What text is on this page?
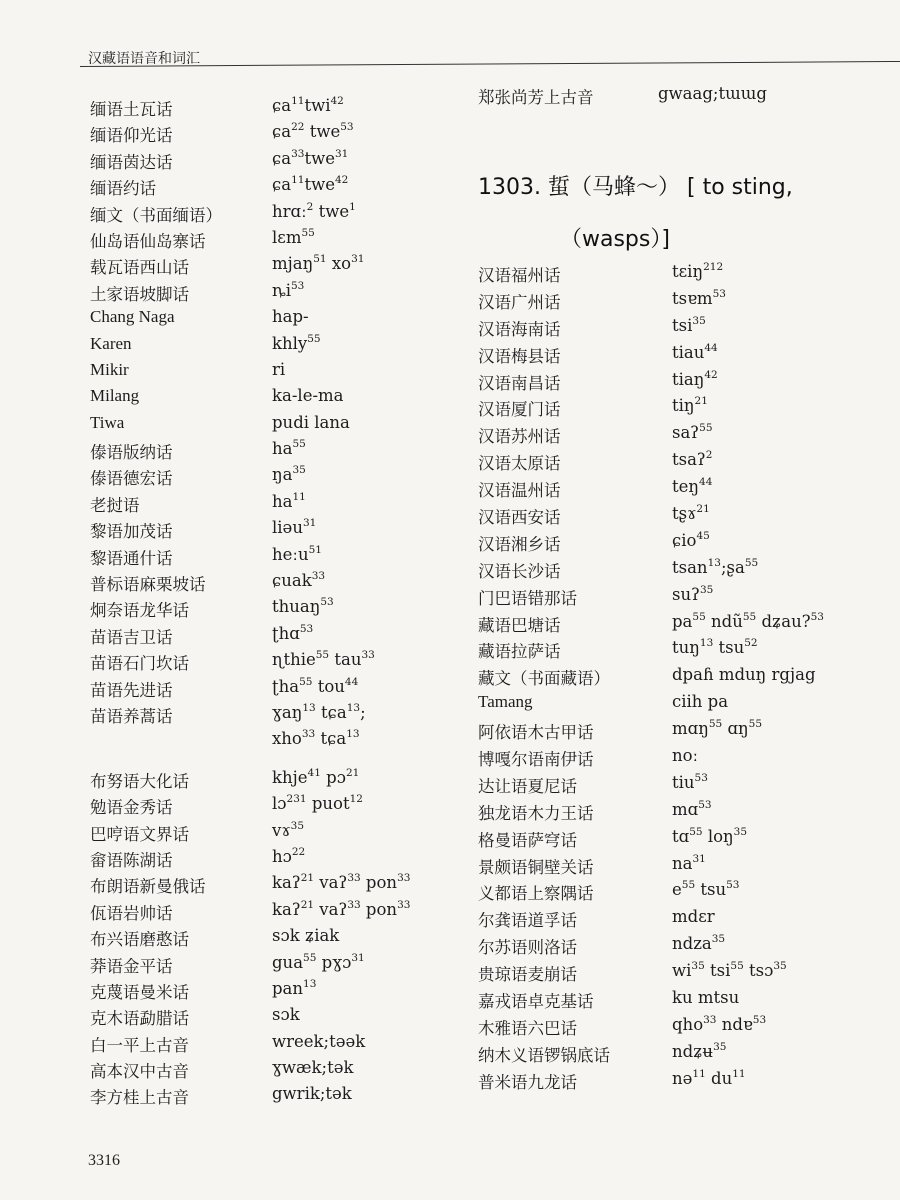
汉藏语语音和词汇
缅语土瓦话	ɕa$^{11}$twi$^{42}$
缅语仰光话	ɕa$^{22}$ twe$^{53}$
缅语茵达话	ɕa$^{33}$twe$^{31}$
缅语约话	ɕa$^{11}$twe$^{42}$
缅文（书面缅语）	hrɑː$^2$ twe$^1$
仙岛语仙岛寨话	lɛm$^{55}$
载瓦语西山话	mjaŋ$^{51}$ $xo^{31}$
土家语坡脚话	$ȵi^{53}$
Chang Naga	hap-
Karen	khly$^{55}$
Mikir	ri
Milang	ka-le-ma
Tiwa	pudi lana
傣语版纳话	$ha^{55}$
傣语德宏话	$ŋa^{35}$
老挝语	$ha^{11}$
黎语加茂话	liəu$^{31}$
黎语通什话	heːu$^{51}$
普标语麻栗坡话	ɕuak$^{33}$
炯奈语龙华话	thuaŋ$^{53}$
苗语吉卫话	ʈhɑ$^{53}$
苗语石门坎话	ɳthie$^{55}$ tau$^{33}$
苗语先进话	ʈha$^{55}$ tou$^{44}$
苗语养蒿话	ɣaŋ$^{13}$ tɕa$^{13}$;
xho$^{33}$ tɕa$^{13}$
布努语大化话	khje$^{41}$ pɔ$^{21}$
勉语金秀话	lɔ$^{231}$ puot$^{12}$
巴哼语文界话	vɤ$^{35}$
畲语陈湖话	hɔ$^{22}$
布朗语新曼俄话	kaʔ$^{21}$ vaʔ$^{33}$ pon$^{33}$
佤语岩帅话	kaʔ$^{21}$ vaʔ$^{33}$ pon$^{33}$
布兴语磨憨话	sɔk ʑiak
莽语金平话	gua$^{55}$ pɣɔ$^{31}$
克蔑语曼米话	pan$^{13}$
克木语勐腊话	sɔk
白一平上古音	wreek;təək
高本汉中古音	ɣwæk;tək
李方桂上古音	gwrik;tək
郑张尚芳上古音	gwaag;tɯɯg
1303. 蜇（马蜂～） [ to sting,
（wasps）]
汉语福州话	tɛiŋ$^{212}$
汉语广州话	tsɐm$^{53}$
汉语海南话	tsi$^{35}$
汉语梅县话	tiau$^{44}$
汉语南昌话	tiaŋ$^{42}$
汉语厦门话	tiŋ$^{21}$
汉语苏州话	saʔ$^{55}$
汉语太原话	tsaʔ$^2$
汉语温州话	teŋ$^{44}$
汉语西安话	tʂɤ$^{21}$
汉语湘乡话	ɕio$^{45}$
汉语长沙话	tsan$^{13}$;ʂa$^{55}$
门巴语错那话	suʔ$^{35}$
藏语巴塘话	$pa^{55}$ ndũ$^{55}$ dʑau?$^{53}$
藏语拉萨话	tuŋ$^{13}$ tsu$^{52}$
藏文（书面藏语）	dpaɦ mduŋ rgjag
Tamang	ciih pa
阿依语木古甲话	mɑŋ$^{55}$ ɑŋ$^{55}$
博嘎尔语南伊话	noː
达让语夏尼话	tiu$^{53}$
独龙语木力王话	mɑ$^{53}$
格曼语萨穹话	tɑ$^{55}$ loŋ$^{35}$
景颇语铜壁关话	$na^{31}$
义都语上察隅话	$e^{55}$ tsu$^{53}$
尔龚语道孚话	mdɛr
尔苏语则洛话	ndza$^{35}$
贵琼语麦崩话	$wi^{35}$ tsi$^{55}$ tsɔ$^{35}$
嘉戎语卓克基话	ku mtsu
木雅语六巴话	qho$^{33}$ ndɐ$^{53}$
纳木义语锣锅底话	ndʑʉ$^{35}$
普米语九龙话	nə$^{11}$ $du^{11}$
3316
